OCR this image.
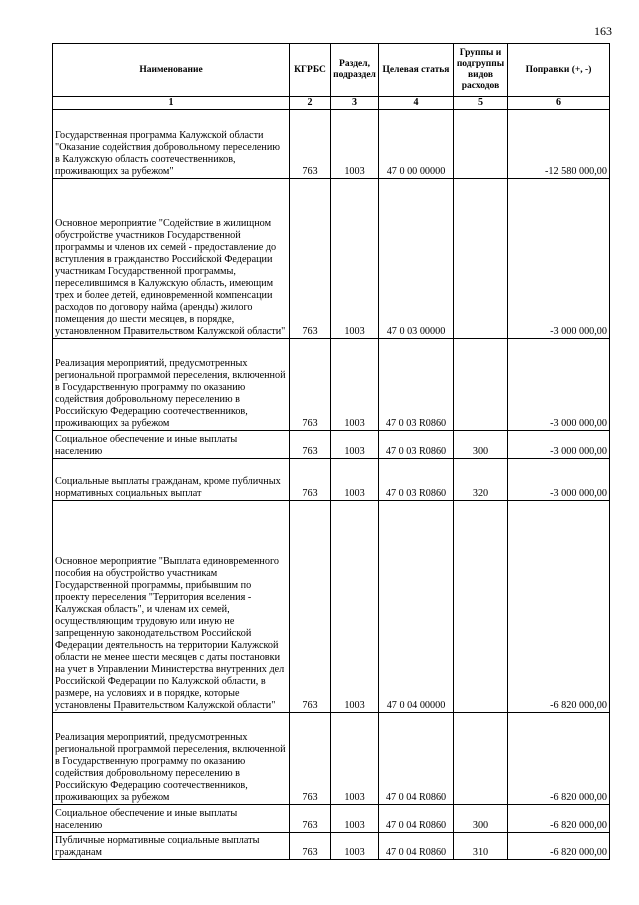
163
Наименование	КГРБС	Раздел, подраздел	Целевая статья	Группы и подгруппы видов расходов	Поправки (+, -)
1	2	3	4	5	6
Государственная программа Калужской области "Оказание содействия добровольному переселению в Калужскую область соотечественников, проживающих за рубежом"	763	1003	47 0 00 00000		-12 580 000,00
Основное мероприятие "Содействие в жилищном обустройстве участников Государственной программы и членов их семей - предоставление до вступления в гражданство Российской Федерации участникам Государственной программы, переселившимся в Калужскую область, имеющим трех и более детей, единовременной компенсации расходов по договору найма (аренды) жилого помещения до шести месяцев, в порядке, установленном Правительством Калужской области"	763	1003	47 0 03 00000		-3 000 000,00
Реализация мероприятий, предусмотренных региональной программой переселения, включенной в Государственную программу по оказанию содействия добровольному переселению в Российскую Федерацию соотечественников, проживающих за рубежом	763	1003	47 0 03 R0860		-3 000 000,00
Социальное обеспечение и иные выплаты населению	763	1003	47 0 03 R0860	300	-3 000 000,00
Социальные выплаты гражданам, кроме публичных нормативных социальных выплат	763	1003	47 0 03 R0860	320	-3 000 000,00
Основное мероприятие "Выплата единовременного пособия на обустройство участникам Государственной программы, прибывшим по проекту переселения "Территория вселения - Калужская область", и членам их семей, осуществляющим трудовую или иную не запрещенную законодательством Российской Федерации деятельность на территории Калужской области не менее шести месяцев с даты постановки на учет в Управлении Министерства внутренних дел Российской Федерации по Калужской области, в размере, на условиях и в порядке, которые установлены Правительством Калужской области"	763	1003	47 0 04 00000		-6 820 000,00
Реализация мероприятий, предусмотренных региональной программой переселения, включенной в Государственную программу по оказанию содействия добровольному переселению в Российскую Федерацию соотечественников, проживающих за рубежом	763	1003	47 0 04 R0860		-6 820 000,00
Социальное обеспечение и иные выплаты населению	763	1003	47 0 04 R0860	300	-6 820 000,00
Публичные нормативные социальные выплаты гражданам	763	1003	47 0 04 R0860	310	-6 820 000,00
